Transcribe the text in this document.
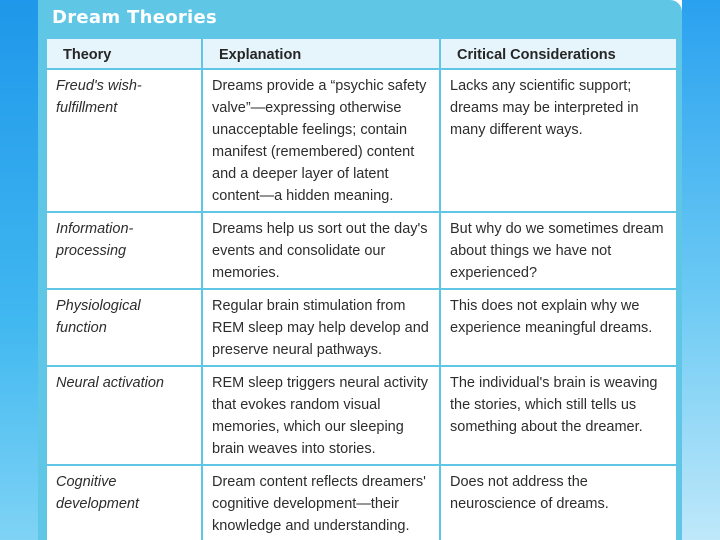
Dream Theories
Theory	Explanation	Critical Considerations
Freud's wish-fulfillment	Dreams provide a “psychic safety valve”—expressing otherwise unacceptable feelings; contain manifest (remembered) content and a deeper layer of latent content—a hidden meaning.	Lacks any scientific support; dreams may be interpreted in many different ways.
Information-processing	Dreams help us sort out the day's events and consolidate our memories.	But why do we sometimes dream about things we have not experienced?
Physiological function	Regular brain stimulation from REM sleep may help develop and preserve neural pathways.	This does not explain why we experience meaningful dreams.
Neural activation	REM sleep triggers neural activity that evokes random visual memories, which our sleeping brain weaves into stories.	The individual's brain is weaving the stories, which still tells us something about the dreamer.
Cognitive development	Dream content reflects dreamers' cognitive development—their knowledge and understanding.	Does not address the neuroscience of dreams.
